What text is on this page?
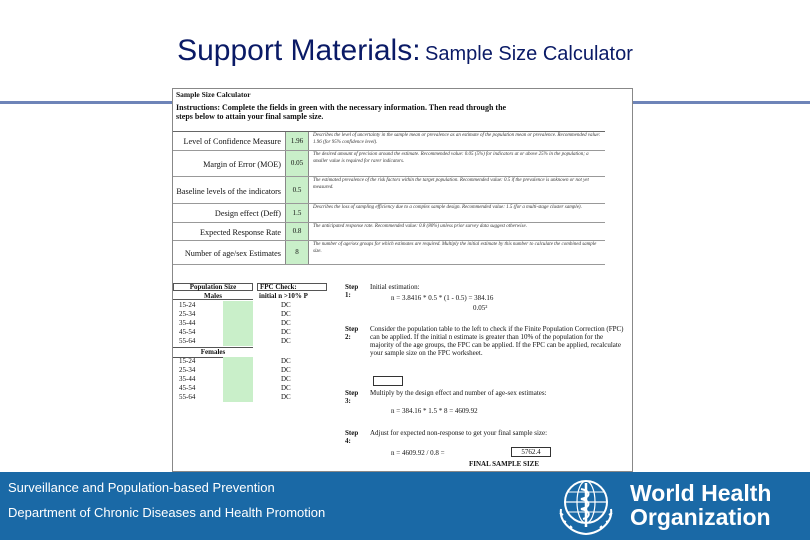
Support Materials: Sample Size Calculator
Sample Size Calculator
Instructions: Complete the fields in green with the necessary information. Then read through the steps below to attain your final sample size.
Level of Confidence Measure	1.96
Describes the level of uncertainty in the sample mean or prevalence as an estimate of the population mean or prevalence. Recommended value: 1.96 (for 95% confidence level).
Margin of Error (MOE)	0.05
The desired amount of precision around the estimate. Recommended value: 0.05 (5%) for indicators at or above 25% in the population; a smaller value is required for rarer indicators.
Baseline levels of the indicators	0.5
The estimated prevalence of the risk factors within the target population. Recommended value: 0.5 if the prevalence is unknown or not yet measured.
Design effect (Deff)	1.5
Describes the loss of sampling efficiency due to a complex sample design. Recommended value: 1.5 (for a multi-stage cluster sample).
Expected Response Rate	0.8
The anticipated response rate. Recommended value: 0.8 (80%) unless prior survey data suggest otherwise.
Number of age/sex Estimates	8
The number of age/sex groups for which estimates are required. Multiply the initial estimate by this number to calculate the combined sample size.
Population Size	FPC Check:
Males	initial n >10% P
15-24	DC
25-34	DC
35-44	DC
45-54	DC
55-64	DC
Females
15-24	DC
25-34	DC
35-44	DC
45-54	DC
55-64	DC
Step 1:
Initial estimation:
n = 3.8416 * 0.5 * (1 - 0.5) = 384.16
0.05²
Step 2:
Consider the population table to the left to check if the Finite Population Correction (FPC) can be applied. If the initial n estimate is greater than 10% of the population for the majority of the age groups, the FPC can be applied. If the FPC can be applied, recalculate your sample size on the FPC worksheet.
Step 3:
Multiply by the design effect and number of age-sex estimates:
n = 384.16 * 1.5 * 8 = 4609.92
Step 4:
Adjust for expected non-response to get your final sample size:
n = 4609.92 / 0.8 =	5762.4
FINAL SAMPLE SIZE
Surveillance and Population-based Prevention
Department of Chronic Diseases and Health Promotion
World Health
Organization
